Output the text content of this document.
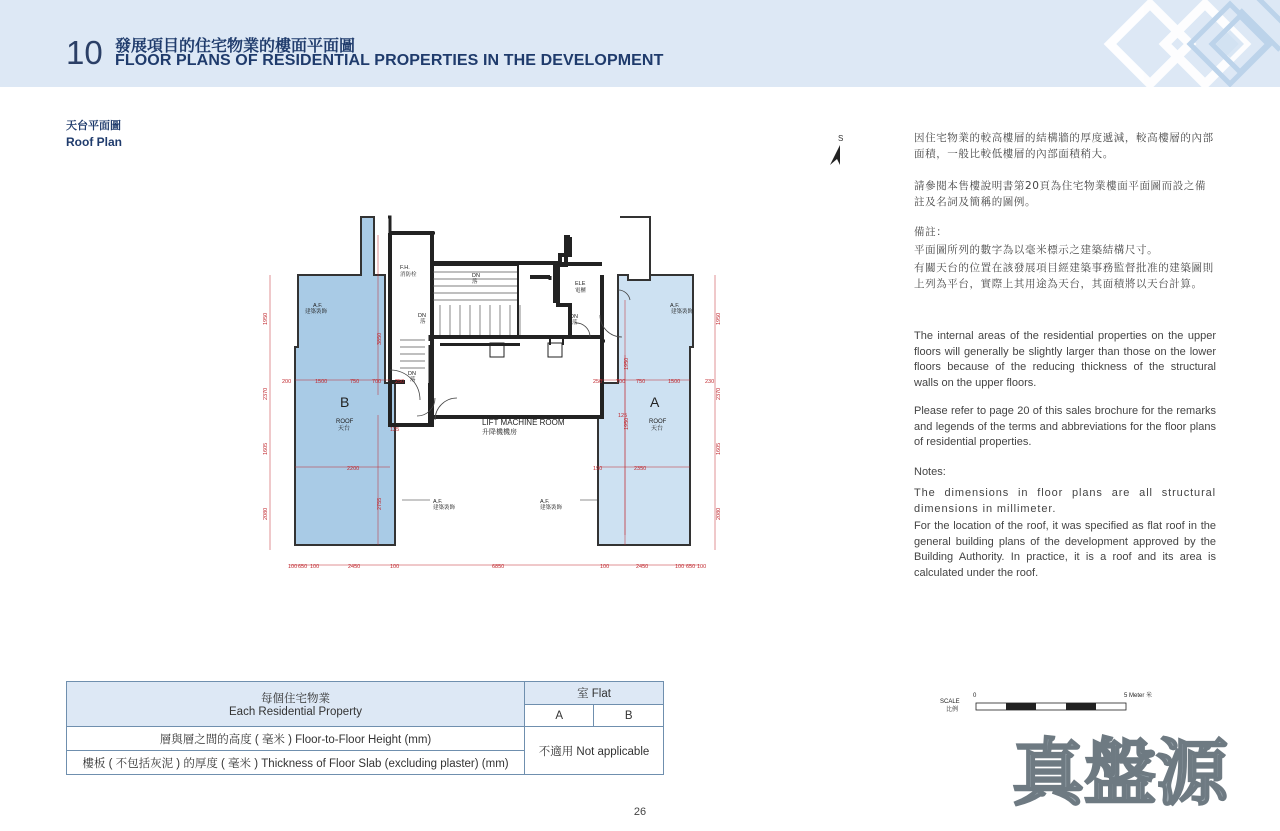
10 發展項目的住宅物業的樓面平面圖
FLOOR PLANS OF RESIDENTIAL PROPERTIES IN THE DEVELOPMENT
天台平面圖
Roof Plan	S
B	A
ROOF
天台
ROOF
天台
LIFT MACHINE ROOM
升降機機房
F.H.
消防栓	DN
落
DN
落
DN
落
DN
落
ELE
電櫃
A.F.
建築裝飾
A.F.
建築裝飾
A.F.
建築裝飾
A.F.
建築裝飾
100 650 100	2450	100	6850	100	2450	100 650 100
200	1500	750 700	250	250	700 750	1500	230
2200	2350
190
125
125
1950
2370
1605
2080
1950
2370
1605
2080
3850
2755
1950
1950

因住宅物業的較高樓層的結構牆的厚度遞減，較高樓層的內部面積，一般比較低樓層的內部面積稍大。

請參閱本售樓說明書第20頁為住宅物業樓面平面圖而設之備註及名詞及簡稱的圖例。

備註：

平面圖所列的數字為以毫米標示之建築結構尺寸。

有關天台的位置在該發展項目經建築事務監督批准的建築圖則上列為平台，實際上其用途為天台，其面積將以天台計算。

The internal areas of the residential properties on the upper floors will generally be slightly larger than those on the lower floors because of the reducing thickness of the structural walls on the upper floors.

Please refer to page 20 of this sales brochure for the remarks and legends of the terms and abbreviations for the floor plans of residential properties.

Notes:

The dimensions in floor plans are all structural dimensions in millimeter.

For the location of the roof, it was specified as flat roof in the general building plans of the development approved by the Building Authority. In practice, it is a roof and its area is calculated under the roof.

每個住宅物業
Each Residential Property	室 Flat	
	A	B
層與層之間的高度 ( 毫米 ) Floor-to-Floor Height (mm)	不適用 Not applicable	
樓板 ( 不包括灰泥 ) 的厚度 ( 毫米 ) Thickness of Floor Slab (excluding plaster) (mm)		
SCALE
比例
0	5 Meter 米
26	真盤源
